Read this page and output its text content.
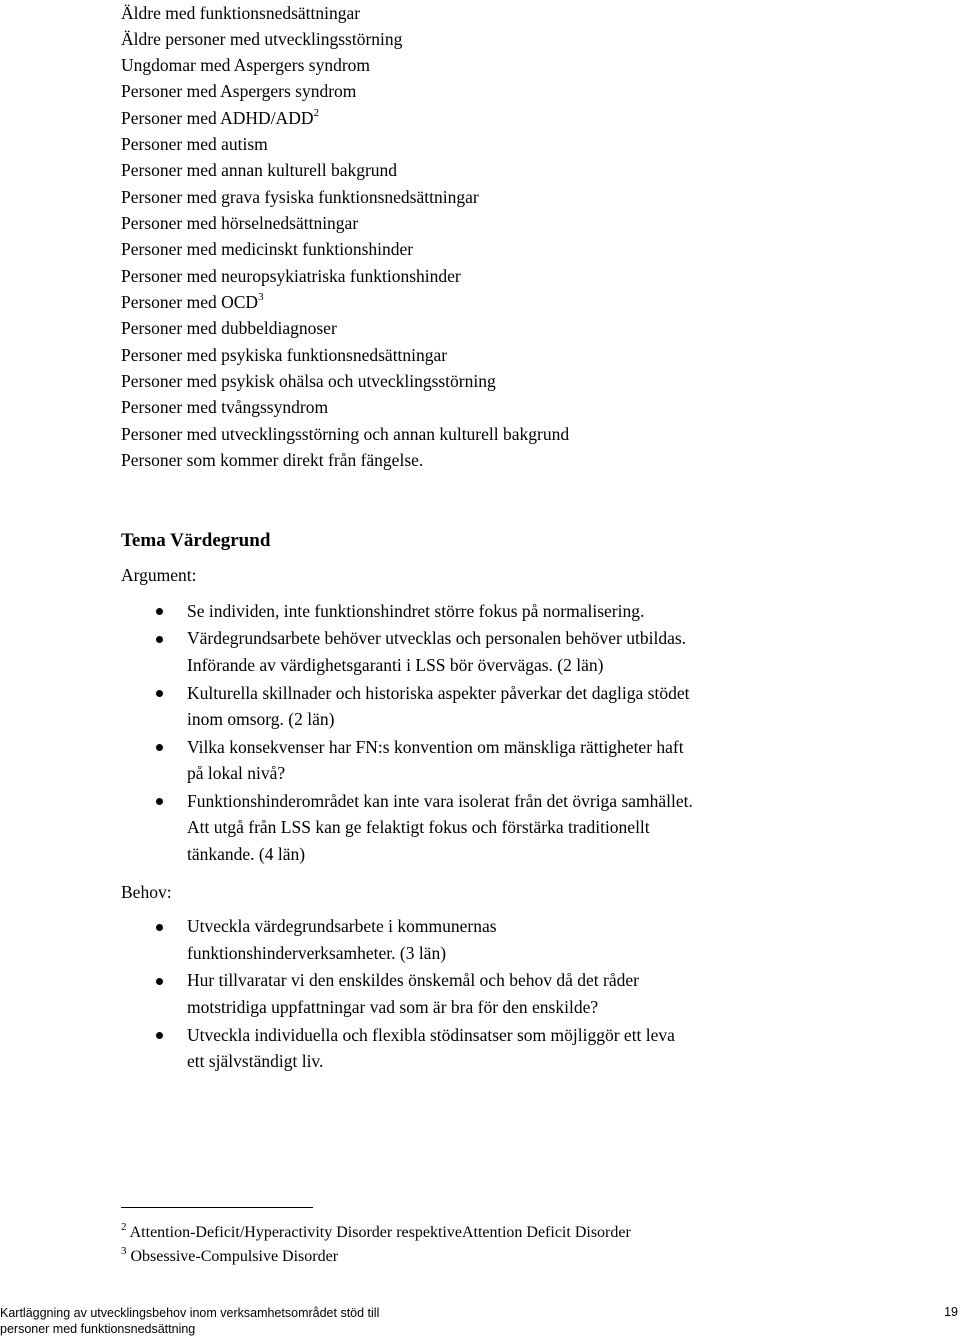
Äldre med funktionsnedsättningar
Äldre personer med utvecklingsstörning
Ungdomar med Aspergers syndrom
Personer med Aspergers syndrom
Personer med ADHD/ADD$^2$
Personer med autism
Personer med annan kulturell bakgrund
Personer med grava fysiska funktionsnedsättningar
Personer med hörselnedsättningar
Personer med medicinskt funktionshinder
Personer med neuropsykiatriska funktionshinder
Personer med OCD$^3$
Personer med dubbeldiagnoser
Personer med psykiska funktionsnedsättningar
Personer med psykisk ohälsa och utvecklingsstörning
Personer med tvångssyndrom
Personer med utvecklingsstörning och annan kulturell bakgrund
Personer som kommer direkt från fängelse.
Tema Värdegrund
Argument:
Se individen, inte funktionshindret större fokus på normalisering.
Värdegrundsarbete behöver utvecklas och personalen behöver utbildas.
Införande av värdighetsgaranti i LSS bör övervägas. (2 län)
Kulturella skillnader och historiska aspekter påverkar det dagliga stödet
inom omsorg. (2 län)
Vilka konsekvenser har FN:s konvention om mänskliga rättigheter haft
på lokal nivå?
Funktionshinderområdet kan inte vara isolerat från det övriga samhället.
Att utgå från LSS kan ge felaktigt fokus och förstärka traditionellt
tänkande. (4 län)
Behov:
Utveckla värdegrundsarbete i kommunernas
funktionshinderverksamheter. (3 län)
Hur tillvaratar vi den enskildes önskemål och behov då det råder
motstridiga uppfattningar vad som är bra för den enskilde?
Utveckla individuella och flexibla stödinsatser som möjliggör ett leva
ett självständigt liv.
$^2$ Attention-Deficit/Hyperactivity Disorder respektiveAttention Deficit Disorder
$^3$ Obsessive-Compulsive Disorder
Kartläggning av utvecklingsbehov inom verksamhetsområdet stöd till
personer med funktionsnedsättning
19
